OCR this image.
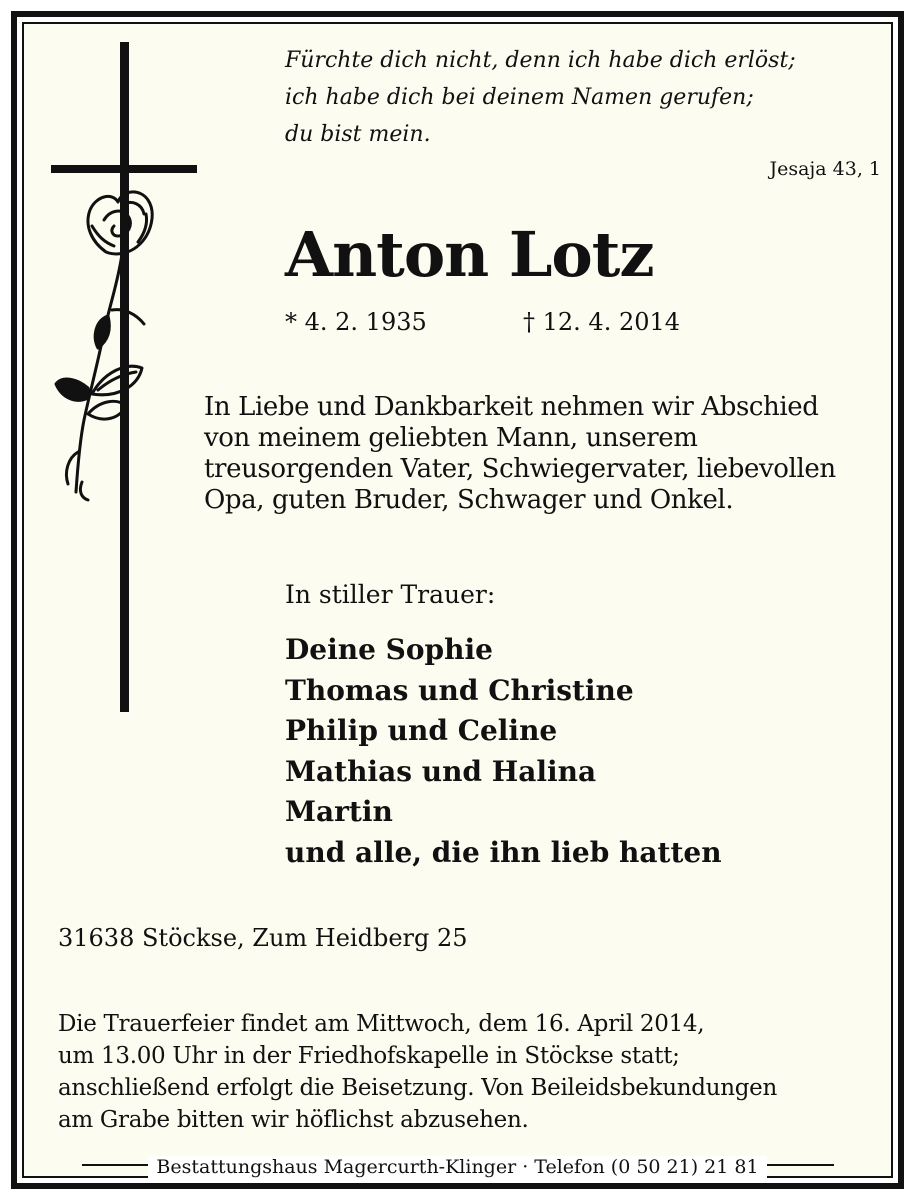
Fürchte dich nicht, denn ich habe dich erlöst;
ich habe dich bei deinem Namen gerufen;
du bist mein.
Jesaja 43, 1
Anton Lotz
* 4. 2. 1935	† 12. 4. 2014
In Liebe und Dankbarkeit nehmen wir Abschied
von meinem geliebten Mann, unserem
treusorgenden Vater, Schwiegervater, liebevollen
Opa, guten Bruder, Schwager und Onkel.
In stiller Trauer:
Deine Sophie
Thomas und Christine
Philip und Celine
Mathias und Halina
Martin
und alle, die ihn lieb hatten
31638 Stöckse, Zum Heidberg 25
Die Trauerfeier findet am Mittwoch, dem 16. April 2014,
um 13.00 Uhr in der Friedhofskapelle in Stöckse statt;
anschließend erfolgt die Beisetzung. Von Beileidsbekundungen
am Grabe bitten wir höflichst abzusehen.
Bestattungshaus Magercurth-Klinger · Telefon (0 50 21) 21 81
